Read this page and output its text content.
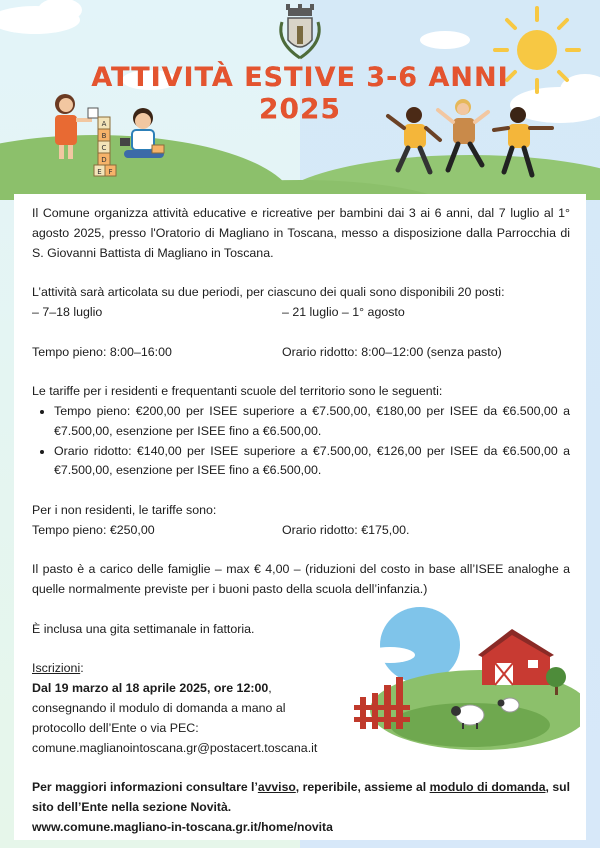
A
B
C
D
E F
ATTIVITÀ ESTIVE 3-6 ANNI
2025

Il Comune organizza attività educative e ricreative per bambini dai 3 ai 6 anni, dal 7 luglio al 1° agosto 2025, presso l'Oratorio di Magliano in Toscana, messo a disposizione dalla Parrocchia di S. Giovanni Battista di Magliano in Toscana.

L’attività sarà articolata su due periodi, per ciascuno dei quali sono disponibili 20 posti:

– 7–18 luglio	– 21 luglio – 1° agosto
Tempo pieno: 8:00–16:00	Orario ridotto: 8:00–12:00 (senza pasto)

Le tariffe per i residenti e frequentanti scuole del territorio sono le seguenti:

• Tempo pieno: €200,00 per ISEE superiore a €7.500,00, €180,00 per ISEE da €6.500,00 a €7.500,00, esenzione per ISEE fino a €6.500,00.
• Orario ridotto: €140,00 per ISEE superiore a €7.500,00, €126,00 per ISEE da €6.500,00 a €7.500,00, esenzione per ISEE fino a €6.500,00.

Per i non residenti, le tariffe sono:

Tempo pieno: €250,00	Orario ridotto: €175,00.

Il pasto è a carico delle famiglie – max € 4,00 – (riduzioni del costo in base all’ISEE analoghe a quelle normalmente previste per i buoni pasto della scuola dell’infanzia.)

È inclusa una gita settimanale in fattoria.

Iscrizioni:

Dal 19 marzo al 18 aprile 2025, ore 12:00,

consegnando il modulo di domanda a mano al

protocollo dell’Ente o via PEC:

comune.maglianointoscana.gr@postacert.toscana.it

Per maggiori informazioni consultare l’avviso, reperibile, assieme al modulo di domanda, sul sito dell’Ente nella sezione Novità.

www.comune.magliano-in-toscana.gr.it/home/novita
